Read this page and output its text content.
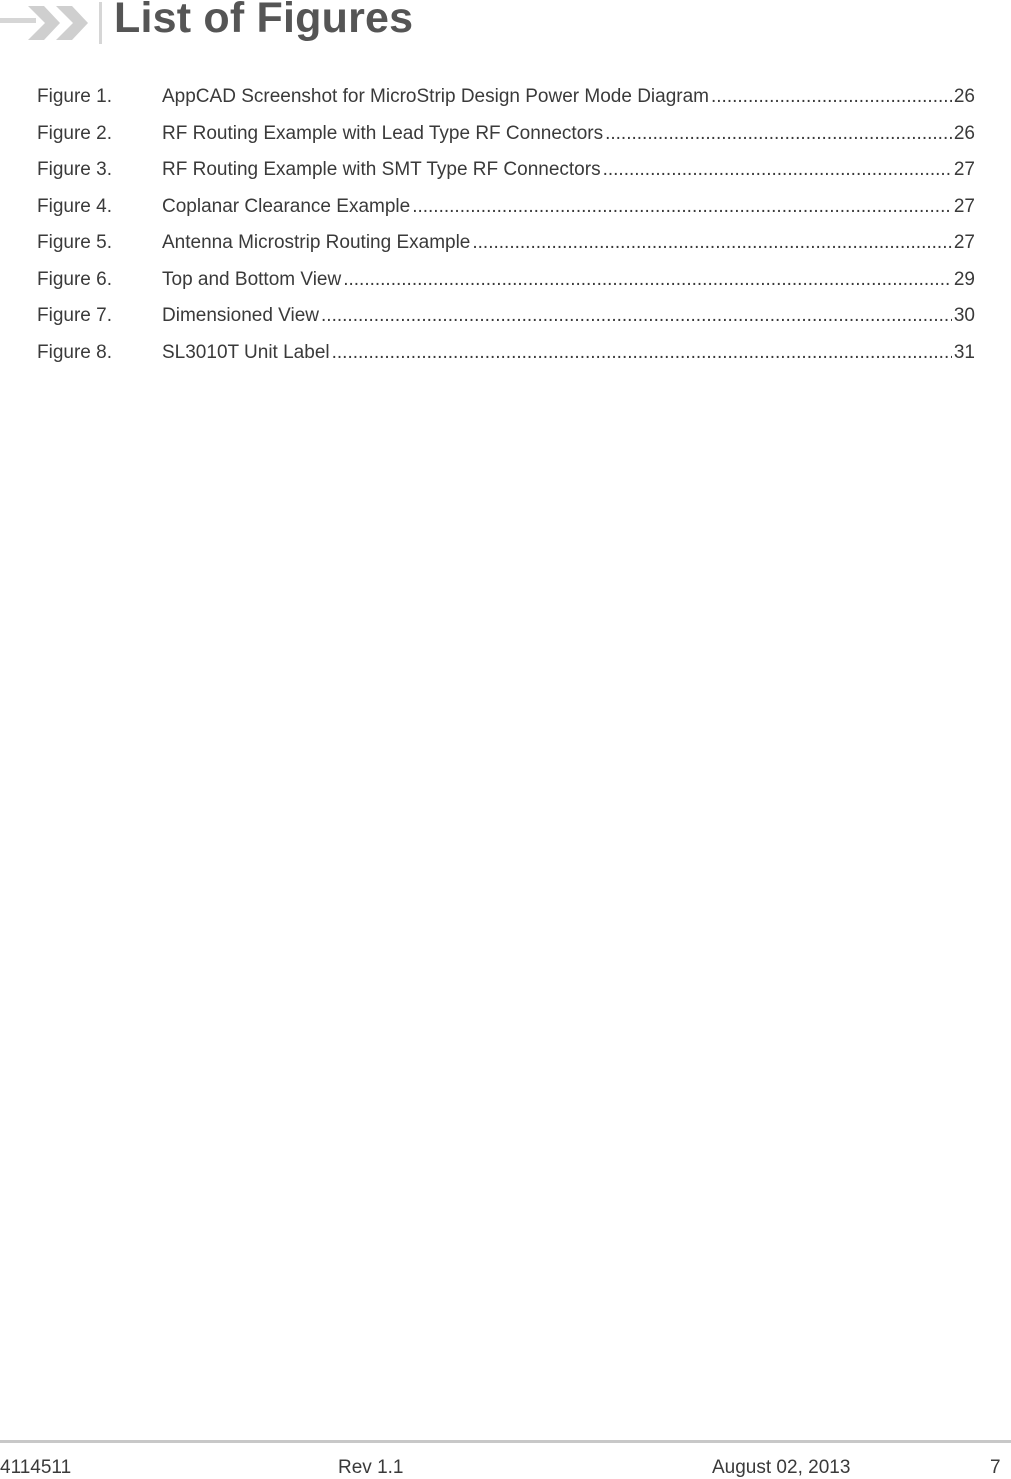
List of Figures
Figure 1.	AppCAD Screenshot for MicroStrip Design Power Mode Diagram .....	26
Figure 2.	RF Routing Example with Lead Type RF Connectors .....	26
Figure 3.	RF Routing Example with SMT Type RF Connectors .....	27
Figure 4.	Coplanar Clearance Example .....	27
Figure 5.	Antenna Microstrip Routing Example .....	27
Figure 6.	Top and Bottom View .....	29
Figure 7.	Dimensioned View .....	30
Figure 8.	SL3010T Unit Label .....	31
4114511	Rev 1.1	August 02, 2013	7
